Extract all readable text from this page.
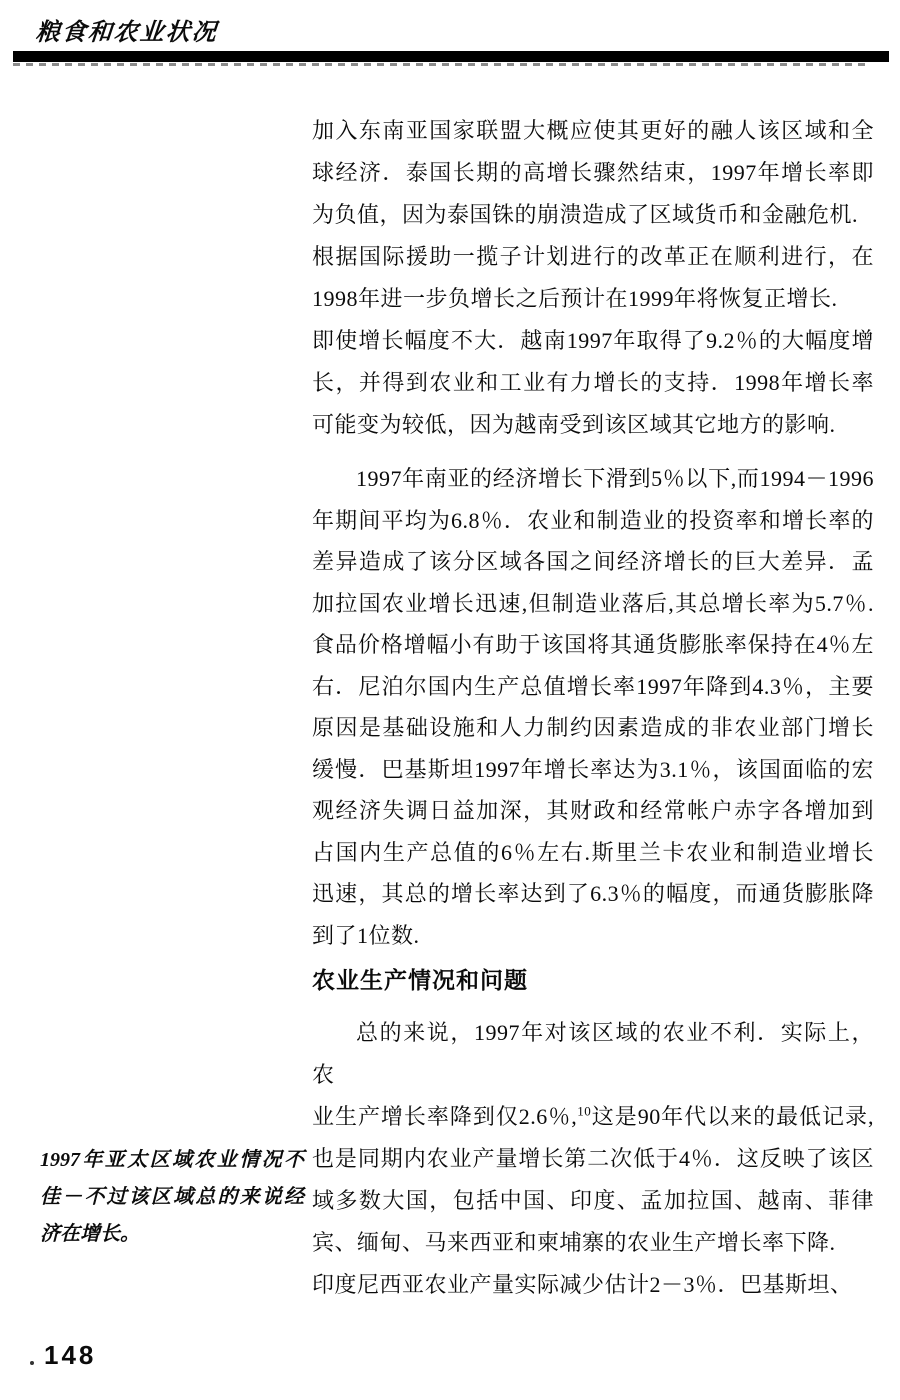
粮食和农业状况
加入东南亚国家联盟大概应使其更好的融人该区域和全
球经济．泰国长期的高增长骤然结束，1997年增长率即
为负值，因为泰国铢的崩溃造成了区域货币和金融危机.
根据国际援助一揽子计划进行的改革正在顺利进行，在
1998年进一步负增长之后预计在1999年将恢复正增长.
即使增长幅度不大．越南1997年取得了9.2％的大幅度增
长，并得到农业和工业有力增长的支持．1998年增长率
可能变为较低，因为越南受到该区域其它地方的影响.
1997年南亚的经济增长下滑到5％以下,而1994－1996
年期间平均为6.8％．农业和制造业的投资率和增长率的
差异造成了该分区域各国之间经济增长的巨大差异．孟
加拉国农业增长迅速,但制造业落后,其总增长率为5.7％.
食品价格增幅小有助于该国将其通货膨胀率保持在4％左
右．尼泊尔国内生产总值增长率1997年降到4.3％，主要
原因是基础设施和人力制约因素造成的非农业部门增长
缓慢．巴基斯坦1997年增长率达为3.1％，该国面临的宏
观经济失调日益加深，其财政和经常帐户赤字各增加到
占国内生产总值的6％左右.斯里兰卡农业和制造业增长
迅速，其总的增长率达到了6.3％的幅度，而通货膨胀降
到了1位数.
农业生产情况和问题
总的来说，1997年对该区域的农业不利．实际上，农
业生产增长率降到仅2.6％,$^{10}$这是90年代以来的最低记录,
也是同期内农业产量增长第二次低于4％．这反映了该区
域多数大国，包括中国、印度、孟加拉国、越南、菲律
宾、缅甸、马来西亚和柬埔寨的农业生产增长率下降.
印度尼西亚农业产量实际减少估计2－3％．巴基斯坦、
1997年亚太区域农业情况不
佳－不过该区域总的来说经
济在增长。
148
